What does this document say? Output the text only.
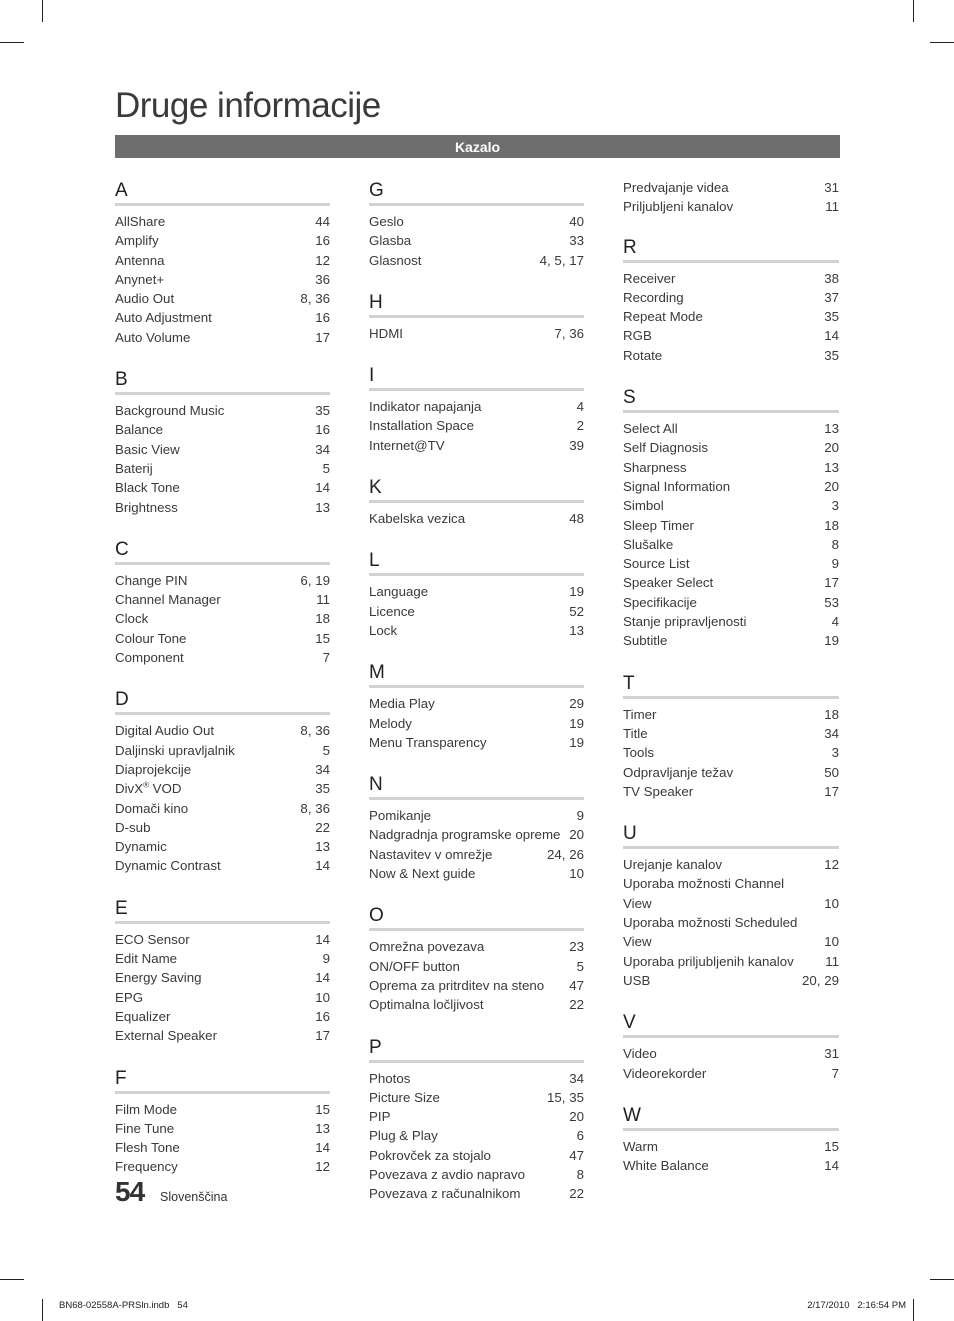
Druge informacije
Kazalo
A
AllShare	44
Amplify	16
Antenna	12
Anynet+	36
Audio Out	8, 36
Auto Adjustment	16
Auto Volume	17
B
Background Music	35
Balance	16
Basic View	34
Baterij	5
Black Tone	14
Brightness	13
C
Change PIN	6, 19
Channel Manager	11
Clock	18
Colour Tone	15
Component	7
D
Digital Audio Out	8, 36
Daljinski upravljalnik	5
Diaprojekcije	34
DivX® VOD	35
Domači kino	8, 36
D-sub	22
Dynamic	13
Dynamic Contrast	14
E
ECO Sensor	14
Edit Name	9
Energy Saving	14
EPG	10
Equalizer	16
External Speaker	17
F
Film Mode	15
Fine Tune	13
Flesh Tone	14
Frequency	12
G
Geslo	40
Glasba	33
Glasnost	4, 5, 17
H
HDMI	7, 36
I
Indikator napajanja	4
Installation Space	2
Internet@TV	39
K
Kabelska vezica	48
L
Language	19
Licence	52
Lock	13
M
Media Play	29
Melody	19
Menu Transparency	19
N
Pomikanje	9
Nadgradnja programske opreme 20
Nastavitev v omrežje	24, 26
Now & Next guide	10
O
Omrežna povezava	23
ON/OFF button	5
Oprema za pritrditev na steno	47
Optimalna ločljivost	22
P
Photos	34
Picture Size	15, 35
PIP	20
Plug & Play	6
Pokrovček za stojalo	47
Povezava z avdio napravo	8
Povezava z računalnikom	22
Predvajanje videa	31
Priljubljeni kanalov	11
R
Receiver	38
Recording	37
Repeat Mode	35
RGB	14
Rotate	35
S
Select All	13
Self Diagnosis	20
Sharpness	13
Signal Information	20
Simbol	3
Sleep Timer	18
Slušalke	8
Source List	9
Speaker Select	17
Specifikacije	53
Stanje pripravljenosti	4
Subtitle	19
T
Timer	18
Title	34
Tools	3
Odpravljanje težav	50
TV Speaker	17
U
Urejanje kanalov	12
Uporaba možnosti Channel View	10
Uporaba možnosti Scheduled View	10
Uporaba priljubljenih kanalov	11
USB	20, 29
V
Video	31
Videorekorder	7
W
Warm	15
White Balance	14
54 Slovenščina
BN68-02558A-PRSln.indb   54	2/17/2010   2:16:54 PM
